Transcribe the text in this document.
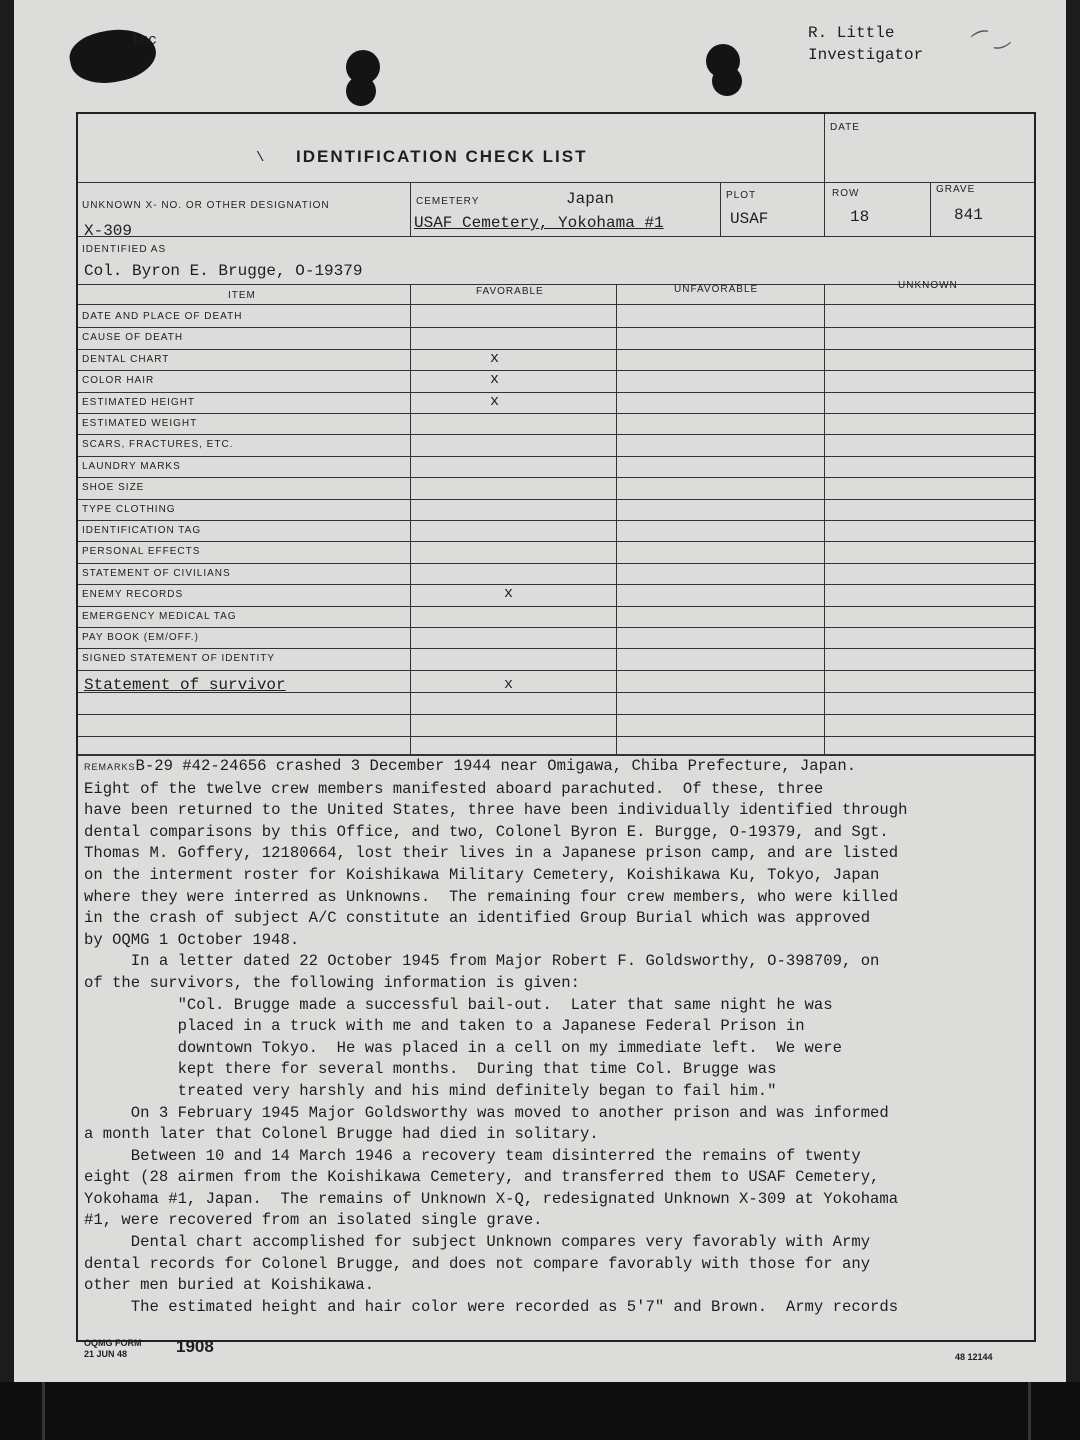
lrc	R. Little
Investigator ⁀ ‿
\ IDENTIFICATION CHECK LIST
DATE
UNKNOWN X- NO. OR OTHER DESIGNATION
X-309
CEMETERY	Japan
USAF Cemetery, Yokohama #1
PLOT
USAF
ROW
18
GRAVE
841
IDENTIFIED AS
Col. Byron E. Brugge, O-19379
ITEM	FAVORABLE	UNFAVORABLE	UNKNOWN
DATE AND PLACE OF DEATH
CAUSE OF DEATH
DENTAL CHART	x
COLOR HAIR	x
ESTIMATED HEIGHT	x
ESTIMATED WEIGHT
SCARS, FRACTURES, ETC.
LAUNDRY MARKS
SHOE SIZE
TYPE CLOTHING
IDENTIFICATION TAG
PERSONAL EFFECTS
STATEMENT OF CIVILIANS
ENEMY RECORDS	x
EMERGENCY MEDICAL TAG
PAY BOOK (EM/OFF.)
SIGNED STATEMENT OF IDENTITY
Statement of survivor	x
REMARKSB-29 #42-24656 crashed 3 December 1944 near Omigawa, Chiba Prefecture, Japan.
Eight of the twelve crew members manifested aboard parachuted.  Of these, three
have been returned to the United States, three have been individually identified through
dental comparisons by this Office, and two, Colonel Byron E. Burgge, O-19379, and Sgt.
Thomas M. Goffery, 12180664, lost their lives in a Japanese prison camp, and are listed
on the interment roster for Koishikawa Military Cemetery, Koishikawa Ku, Tokyo, Japan
where they were interred as Unknowns.  The remaining four crew members, who were killed
in the crash of subject A/C constitute an identified Group Burial which was approved
by OQMG 1 October 1948.
In a letter dated 22 October 1945 from Major Robert F. Goldsworthy, O-398709, on
of the survivors, the following information is given:
"Col. Brugge made a successful bail-out.  Later that same night he was
placed in a truck with me and taken to a Japanese Federal Prison in
downtown Tokyo.  He was placed in a cell on my immediate left.  We were
kept there for several months.  During that time Col. Brugge was
treated very harshly and his mind definitely began to fail him."
On 3 February 1945 Major Goldsworthy was moved to another prison and was informed
a month later that Colonel Brugge had died in solitary.
Between 10 and 14 March 1946 a recovery team disinterred the remains of twenty
eight (28 airmen from the Koishikawa Cemetery, and transferred them to USAF Cemetery,
Yokohama #1, Japan.  The remains of Unknown X-Q, redesignated Unknown X-309 at Yokohama
#1, were recovered from an isolated single grave.
Dental chart accomplished for subject Unknown compares very favorably with Army
dental records for Colonel Brugge, and does not compare favorably with those for any
other men buried at Koishikawa.
The estimated height and hair color were recorded as 5'7" and Brown.  Army records
OQMG FORM
21 JUN 48	1908
48 12144
